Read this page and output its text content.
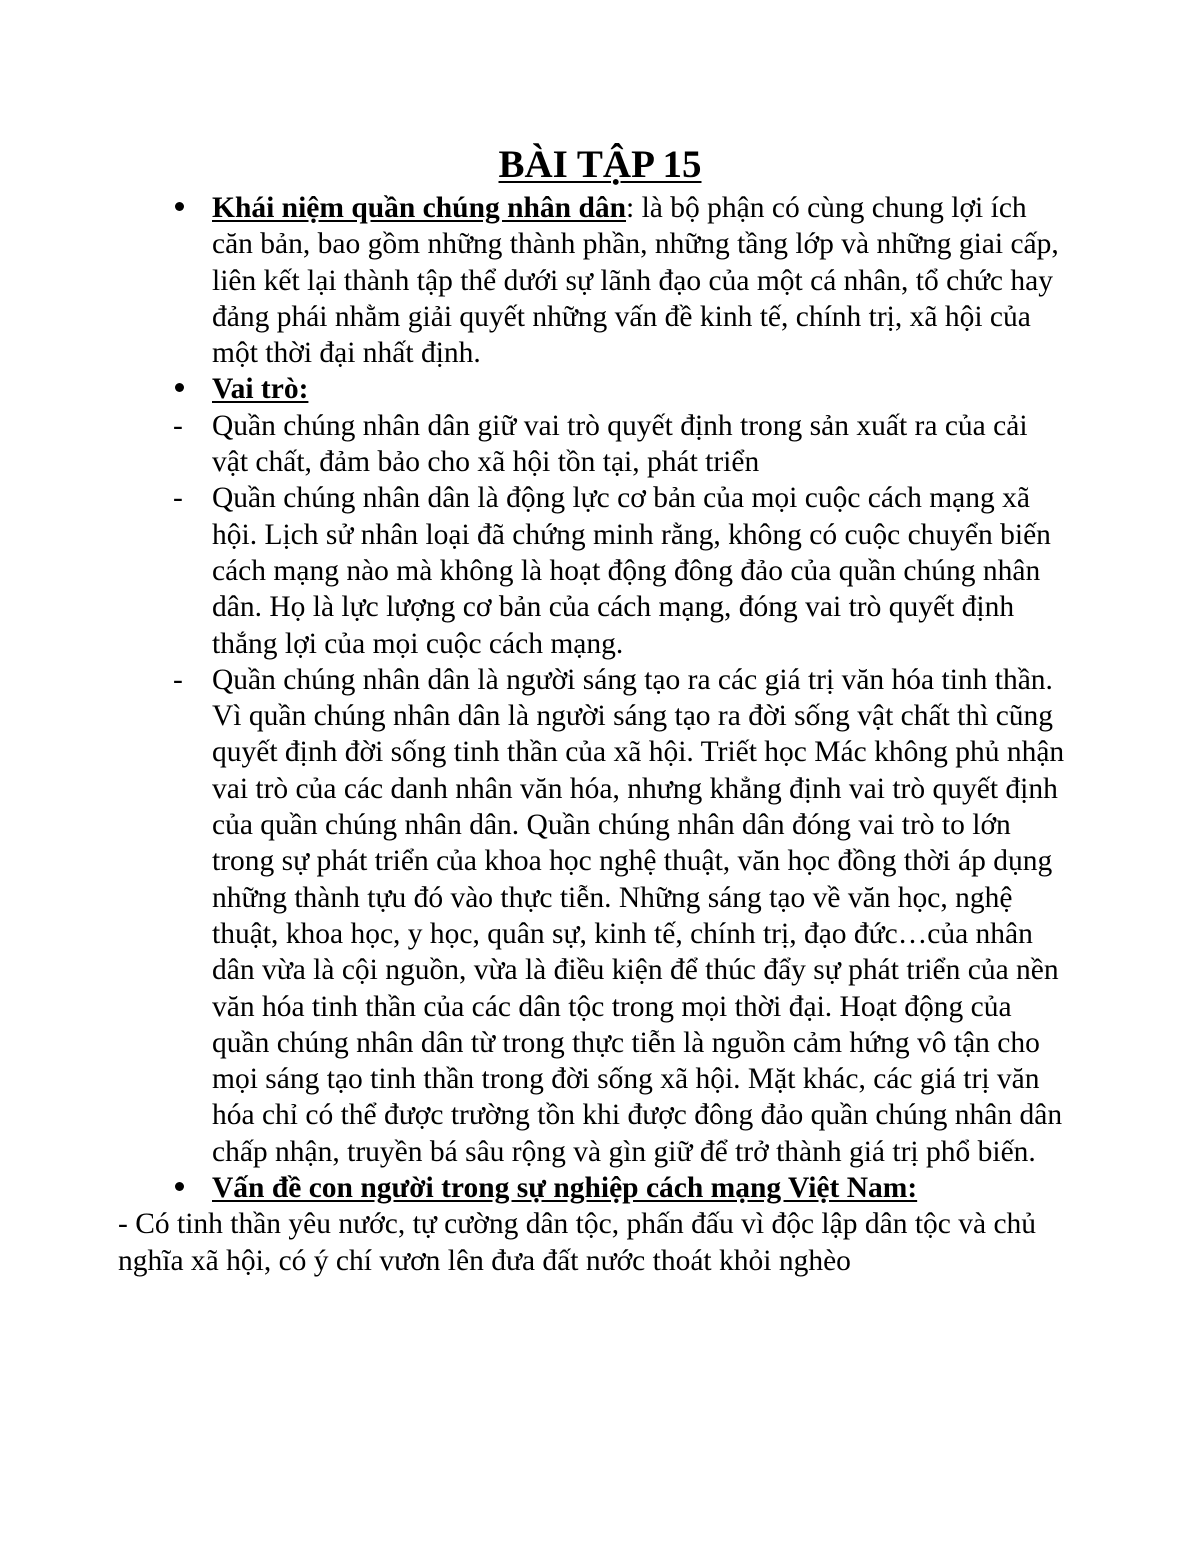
BÀI TẬP 15
Khái niệm quần chúng nhân dân: là bộ phận có cùng chung lợi ích căn bản, bao gồm những thành phần, những tầng lớp và những giai cấp, liên kết lại thành tập thể dưới sự lãnh đạo của một cá nhân, tổ chức hay đảng phái nhằm giải quyết những vấn đề kinh tế, chính trị, xã hội của một thời đại nhất định.
Vai trò:
- Quần chúng nhân dân giữ vai trò quyết định trong sản xuất ra của cải vật chất, đảm bảo cho xã hội tồn tại, phát triển
- Quần chúng nhân dân là động lực cơ bản của mọi cuộc cách mạng xã hội. Lịch sử nhân loại đã chứng minh rằng, không có cuộc chuyển biến cách mạng nào mà không là hoạt động đông đảo của quần chúng nhân dân. Họ là lực lượng cơ bản của cách mạng, đóng vai trò quyết định thắng lợi của mọi cuộc cách mạng.
- Quần chúng nhân dân là người sáng tạo ra các giá trị văn hóa tinh thần. Vì quần chúng nhân dân là người sáng tạo ra đời sống vật chất thì cũng quyết định đời sống tinh thần của xã hội. Triết học Mác không phủ nhận vai trò của các danh nhân văn hóa, nhưng khẳng định vai trò quyết định của quần chúng nhân dân. Quần chúng nhân dân đóng vai trò to lớn trong sự phát triển của khoa học nghệ thuật, văn học đồng thời áp dụng những thành tựu đó vào thực tiễn. Những sáng tạo về văn học, nghệ thuật, khoa học, y học, quân sự, kinh tế, chính trị, đạo đức…của nhân dân vừa là cội nguồn, vừa là điều kiện để thúc đẩy sự phát triển của nền văn hóa tinh thần của các dân tộc trong mọi thời đại. Hoạt động của quần chúng nhân dân từ trong thực tiễn là nguồn cảm hứng vô tận cho mọi sáng tạo tinh thần trong đời sống xã hội. Mặt khác, các giá trị văn hóa chỉ có thể được trường tồn khi được đông đảo quần chúng nhân dân chấp nhận, truyền bá sâu rộng và gìn giữ để trở thành giá trị phổ biến.
Vấn đề con người trong sự nghiệp cách mạng Việt Nam:
- Có tinh thần yêu nước, tự cường dân tộc, phấn đấu vì độc lập dân tộc và chủ nghĩa xã hội, có ý chí vươn lên đưa đất nước thoát khỏi nghèo
